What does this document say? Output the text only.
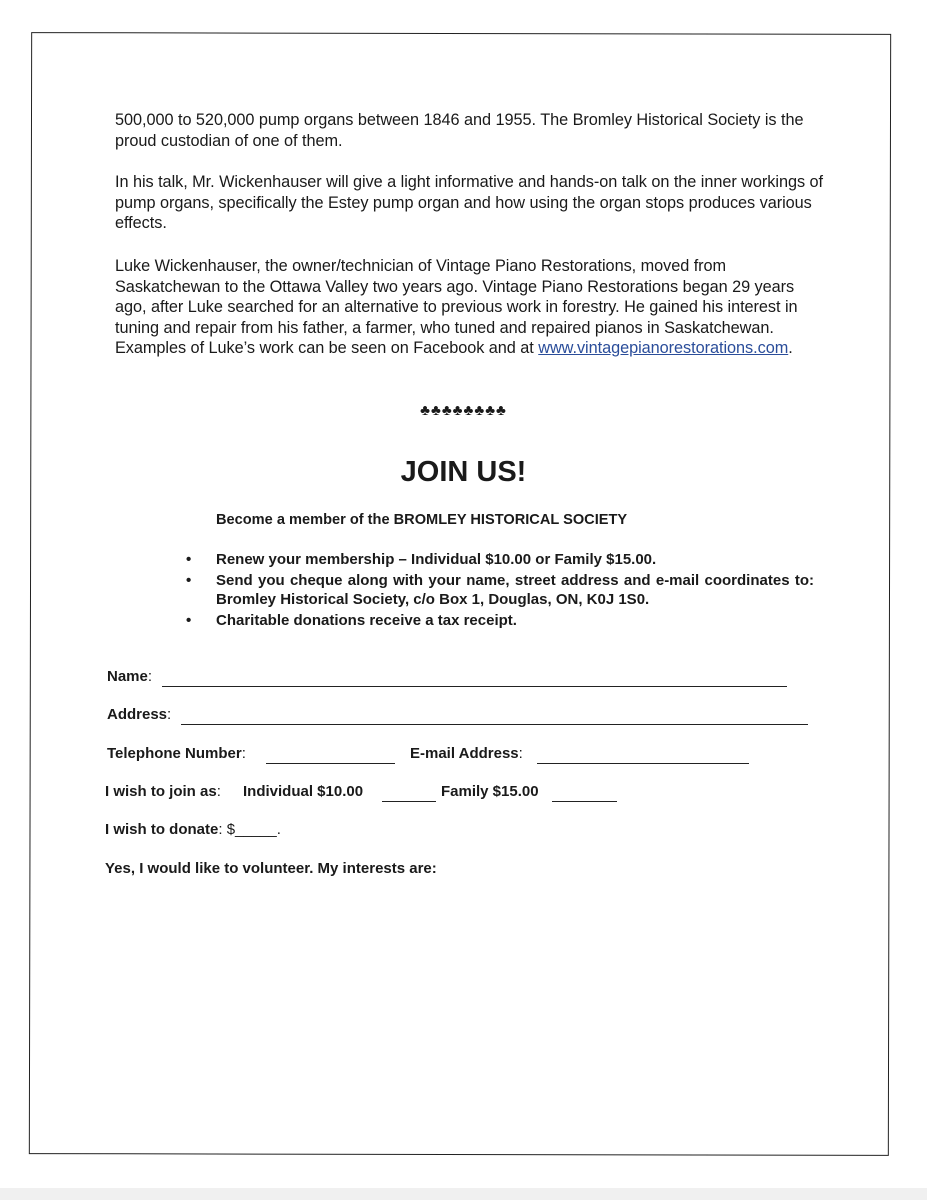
500,000 to 520,000 pump organs between 1846 and 1955. The Bromley Historical Society is the proud custodian of one of them.

In his talk, Mr. Wickenhauser will give a light informative and hands-on talk on the inner workings of pump organs, specifically the Estey pump organ and how using the organ stops produces various effects.

Luke Wickenhauser, the owner/technician of Vintage Piano Restorations, moved from Saskatchewan to the Ottawa Valley two years ago. Vintage Piano Restorations began 29 years ago, after Luke searched for an alternative to previous work in forestry. He gained his interest in tuning and repair from his father, a farmer, who tuned and repaired pianos in Saskatchewan. Examples of Luke’s work can be seen on Facebook and at www.vintagepianorestorations.com.

♣♣♣♣♣♣♣♣
JOIN US!
Become a member of the BROMLEY HISTORICAL SOCIETY
• Renew your membership – Individual $10.00 or Family $15.00.
• Send you cheque along with your name, street address and e-mail coordinates to: Bromley Historical Society, c/o Box 1, Douglas, ON, K0J 1S0.
• Charitable donations receive a tax receipt.
Name:
Address:
Telephone Number:	E-mail Address:
I wish to join as: Individual $10.00	Family $15.00
I wish to donate: $_____.
Yes, I would like to volunteer. My interests are:
